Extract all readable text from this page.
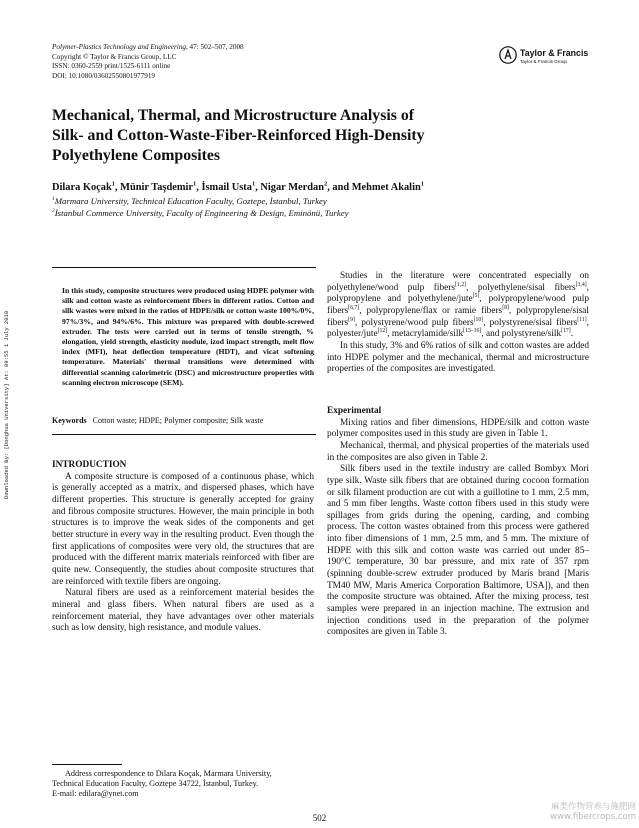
Polymer-Plastics Technology and Engineering, 47: 502–507, 2008
Copyright © Taylor & Francis Group, LLC
ISSN: 0360-2559 print/1525-6111 online
DOI: 10.1080/03602550801977919
Taylor & Francis
Taylor & Francis Group
Mechanical, Thermal, and Microstructure Analysis of
Silk- and Cotton-Waste-Fiber-Reinforced High-Density
Polyethylene Composites
Dilara Koçak$^1$, Münir Taşdemir$^1$, İsmail Usta$^1$, Nigar Merdan$^2$, and Mehmet Akalin$^1$
$^1$Marmara University, Technical Education Faculty, Goztepe, İstanbul, Turkey
$^2$İstanbul Commerce University, Faculty of Engineering & Design, Eminönü, Turkey
In this study, composite structures were produced using HDPE polymer with silk and cotton waste as reinforcement fibers in different ratios. Cotton and silk wastes were mixed in the ratios of HDPE/silk or cotton waste 100%/0%, 97%/3%, and 94%/6%. This mixture was prepared with double-screwed extruder. The tests were carried out in terms of tensile strength, % elongation, yield strength, elasticity module, izod impact strength, melt flow index (MFI), heat deflection temperature (HDT), and vicat softening temperature. Materials' thermal transitions were determined with differential scanning calorimetric (DSC) and microstructure properties with scanning electron microscope (SEM).
Keywords Cotton waste; HDPE; Polymer composite; Silk waste
INTRODUCTION

A composite structure is composed of a continuous phase, which is generally accepted as a matrix, and dispersed phases, which have different properties. This structure is generally accepted for grainy and fibrous composite structures. However, the main principle in both structures is to improve the weak sides of the components and get better structure in every way in the resulting product. Even though the first applications of composites were very old, the structures that are produced with the different matrix materials reinforced with fiber are quite new. Consequently, the studies about composite structures that are reinforced with textile fibers are ongoing.

Natural fibers are used as a reinforcement material besides the mineral and glass fibers. When natural fibers are used as a reinforcement material, they have advantages over other materials such as low density, high resistance, and module values.

Address correspondence to Dilara Koçak, Marmara University,
Technical Education Faculty, Goztepe 34722, İstanbul, Turkey.
E-mail: edilara@ynet.com

Studies in the literature were concentrated especially on polyethylene/wood pulp fibers[1,2], polyethylene/sisal fibers[3,4], polypropylene and polyethylene/jute[5], polypropylene/wood pulp fibers[6,7], polypropylene/flax or ramie fibers[8], polypropylene/sisal fibers[9], polystyrene/wood pulp fibers[10], polystyrene/sisal fibers[11], polyester/jute[12], metacrylamide/silk[13–16], and polystyrene/silk[17].

In this study, 3% and 6% ratios of silk and cotton wastes are added into HDPE polymer and the mechanical, thermal and microstructure properties of the composites are investigated.

Experimental

Mixing ratios and fiber dimensions, HDPE/silk and cotton waste polymer composites used in this study are given in Table 1.

Mechanical, thermal, and physical properties of the materials used in the composites are also given in Table 2.

Silk fibers used in the textile industry are called Bombyx Mori type silk. Waste silk fibers that are obtained during cocoon formation or silk filament production are cut with a guillotine to 1 mm, 2.5 mm, and 5 mm fiber lengths. Waste cotton fibers used in this study were spillages from grids during the opening, carding, and combing process. The cotton wastes obtained from this process were gathered into fiber dimensions of 1 mm, 2.5 mm, and 5 mm. The mixture of HDPE with this silk and cotton waste was carried out under 85–190°C temperature, 30 bar pressure, and mix rate of 357 rpm (spinning double-screw extruder produced by Maris brand [Maris TM40 MW, Maris America Corporation Baltimore, USA]), and then the composite structure was obtained. After the mixing process, test samples were prepared in an injection machine. The extrusion and injection conditions used in the preparation of the polymer composites are given in Table 3.

502
Downloaded By: [Donghua University] At: 09:55 1 July 2010
麻类作物营养与施肥网
www.fibercrops.com
